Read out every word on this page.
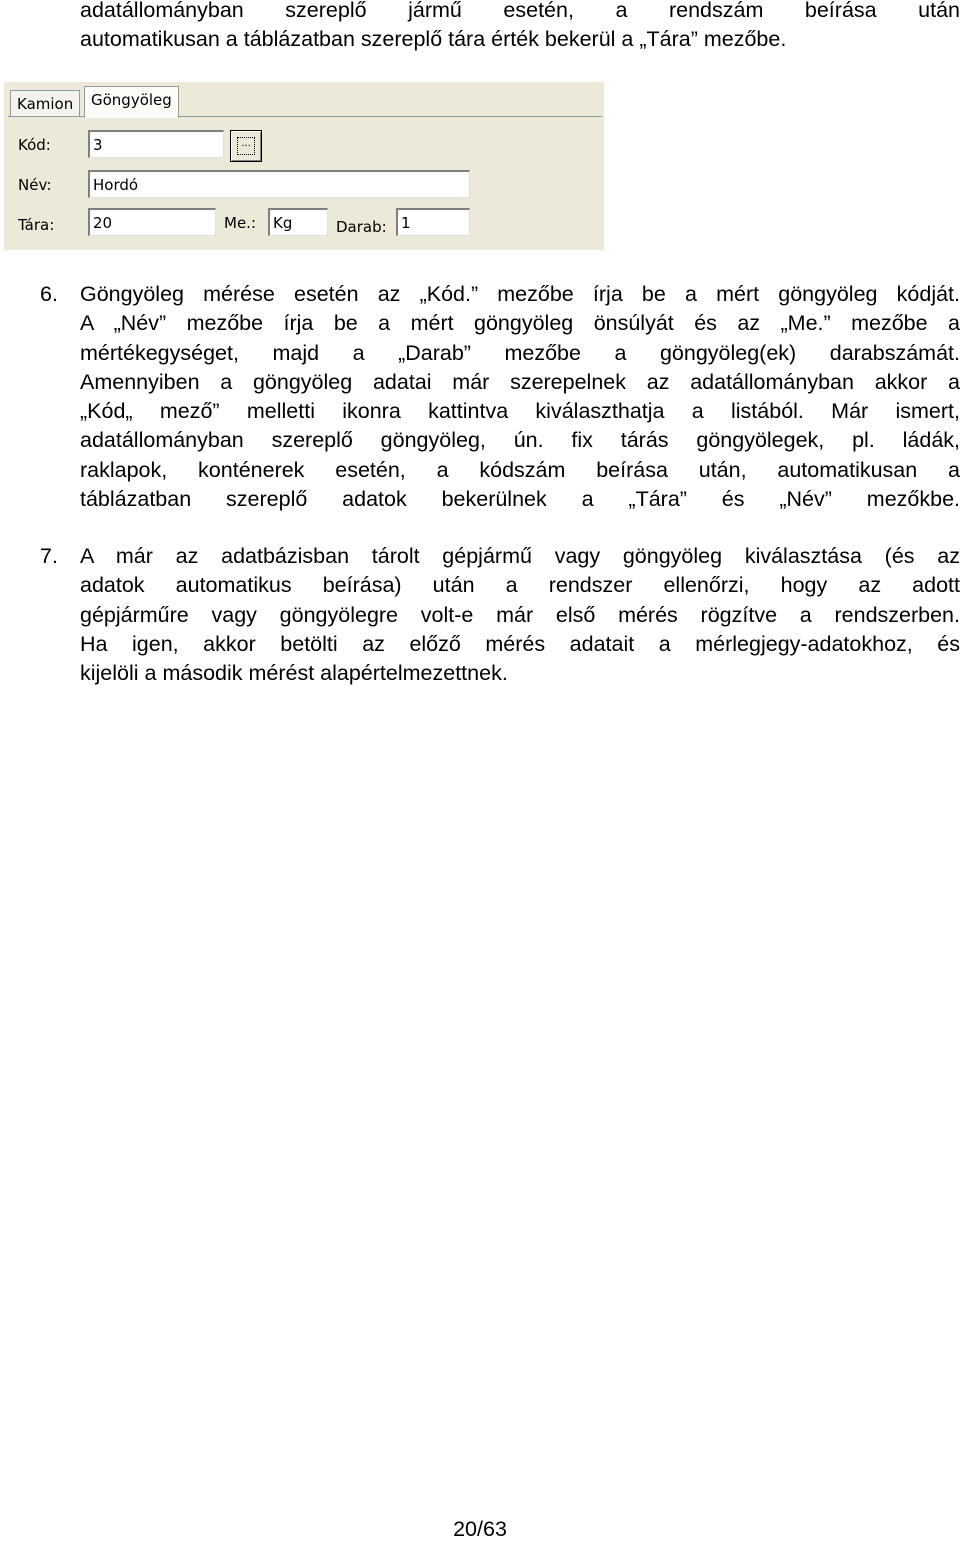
adatállományban szereplő jármű esetén, a rendszám beírása után
automatikusan a táblázatban szereplő tára érték bekerül a „Tára” mezőbe.
Kamion	Göngyöleg
Kód:	3	...
Név:	Hordó
Tára:	20	Me.:	Kg	Darab: 1
6. Göngyöleg mérése esetén az „Kód.” mezőbe írja be a mért göngyöleg kódját.
A „Név” mezőbe írja be a mért göngyöleg önsúlyát és az „Me.” mezőbe a
mértékegységet, majd a „Darab” mezőbe a göngyöleg(ek) darabszámát.
Amennyiben a göngyöleg adatai már szerepelnek az adatállományban akkor a
„Kód„ mező” melletti ikonra kattintva kiválaszthatja a listából. Már ismert,
adatállományban szereplő göngyöleg, ún. fix tárás göngyölegek, pl. ládák,
raklapok, konténerek esetén, a kódszám beírása után, automatikusan a
táblázatban szereplő adatok bekerülnek a „Tára” és „Név” mezőkbe.
7. A már az adatbázisban tárolt gépjármű vagy göngyöleg kiválasztása (és az
adatok automatikus beírása) után a rendszer ellenőrzi, hogy az adott
gépjárműre vagy göngyölegre volt-e már első mérés rögzítve a rendszerben.
Ha igen, akkor betölti az előző mérés adatait a mérlegjegy-adatokhoz, és
kijelöli a második mérést alapértelmezettnek.
20/63
